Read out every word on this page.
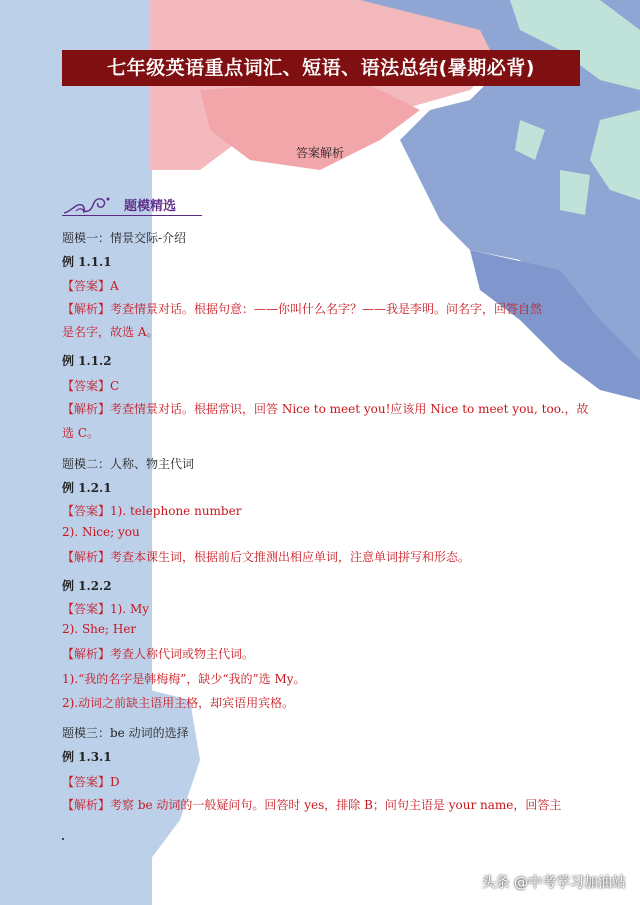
七年级英语重点词汇、短语、语法总结(暑期必背)
答案解析
题模精选
题模一：情景交际-介绍
例 1.1.1
【答案】A
【解析】考查情景对话。根据句意：——你叫什么名字？——我是李明。问名字，回答自然
是名字，故选 A。
例 1.1.2
【答案】C
【解析】考查情景对话。根据常识，回答 Nice to meet you!应该用 Nice to meet you, too.，故
选 C。
题模二：人称、物主代词
例 1.2.1
【答案】1). telephone number
2). Nice; you
【解析】考查本课生词，根据前后文推测出相应单词，注意单词拼写和形态。
例 1.2.2
【答案】1). My
2). She; Her
【解析】考查人称代词或物主代词。
1).“我的名字是韩梅梅”，缺少“我的”选 My。
2).动词之前缺主语用主格，却宾语用宾格。
题模三：be 动词的选择
例 1.3.1
【答案】D
【解析】考察 be 动词的一般疑问句。回答时 yes，排除 B；问句主语是 your name，回答主
头条 @中考学习加油站
